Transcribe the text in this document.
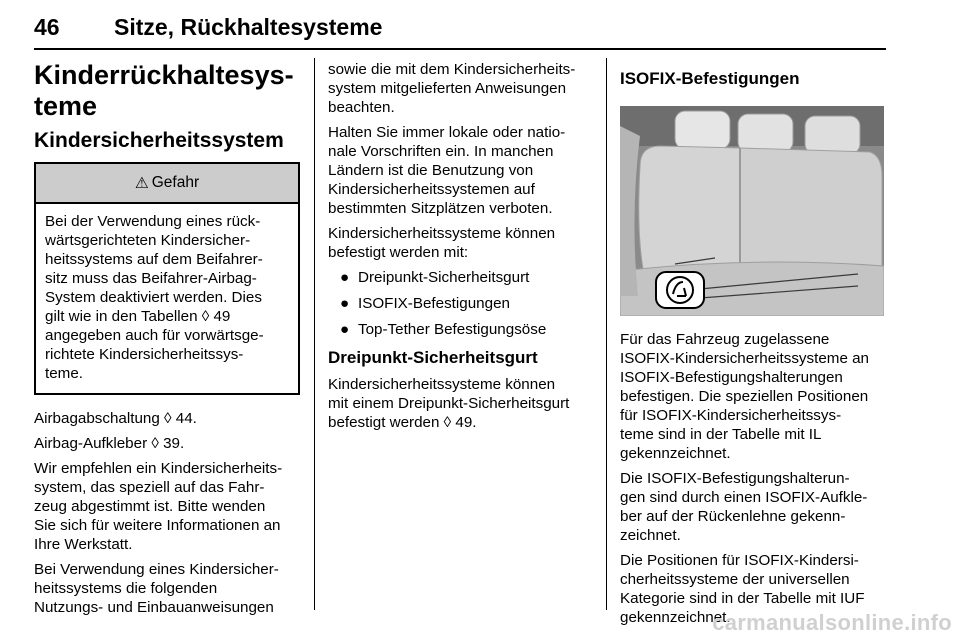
46 Sitze, Rückhaltesysteme
Kinderrückhaltesys-
teme
Kindersicherheitssystem
⚠ Gefahr
Bei der Verwendung eines rück-
wärtsgerichteten Kindersicher-
heitssystems auf dem Beifahrer-
sitz muss das Beifahrer-Airbag-
System deaktiviert werden. Dies
gilt wie in den Tabellen ◊ 49
angegeben auch für vorwärtsge-
richtete Kindersicherheitssys-
teme.

Airbagabschaltung ◊ 44.

Airbag-Aufkleber ◊ 39.

Wir empfehlen ein Kindersicherheits-
system, das speziell auf das Fahr-
zeug abgestimmt ist. Bitte wenden
Sie sich für weitere Informationen an
Ihre Werkstatt.

Bei Verwendung eines Kindersicher-
heitssystems die folgenden
Nutzungs- und Einbauanweisungen

sowie die mit dem Kindersicherheits-
system mitgelieferten Anweisungen
beachten.

Halten Sie immer lokale oder natio-
nale Vorschriften ein. In manchen
Ländern ist die Benutzung von
Kindersicherheitssystemen auf
bestimmten Sitzplätzen verboten.

Kindersicherheitssysteme können
befestigt werden mit:

● Dreipunkt-Sicherheitsgurt
● ISOFIX-Befestigungen
● Top-Tether Befestigungsöse
Dreipunkt-Sicherheitsgurt

Kindersicherheitssysteme können
mit einem Dreipunkt-Sicherheitsgurt
befestigt werden ◊ 49.

ISOFIX-Befestigungen

Für das Fahrzeug zugelassene
ISOFIX-Kindersicherheitssysteme an
ISOFIX-Befestigungshalterungen
befestigen. Die speziellen Positionen
für ISOFIX-Kindersicherheitssys-
teme sind in der Tabelle mit IL
gekennzeichnet.

Die ISOFIX-Befestigungshalterun-
gen sind durch einen ISOFIX-Aufkle-
ber auf der Rückenlehne gekenn-
zeichnet.

Die Positionen für ISOFIX-Kindersi-
cherheitssysteme der universellen
Kategorie sind in der Tabelle mit IUF
gekennzeichnet.

carmanualsonline.info
